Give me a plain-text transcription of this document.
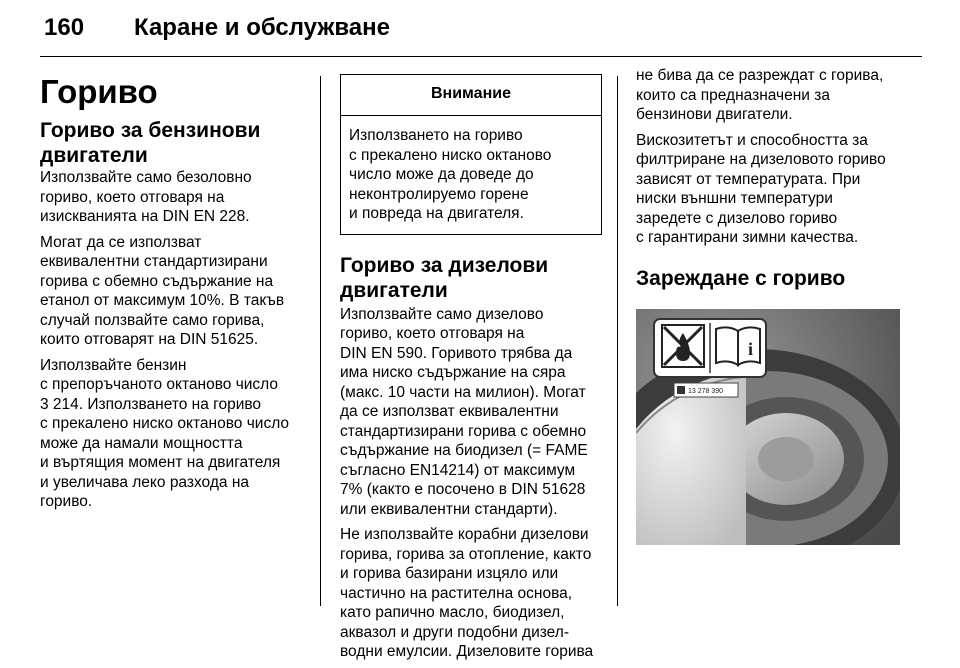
160 Каране и обслужване
Гориво
Гориво за бензинови
двигатели

Използвайте само безоловно
гориво, което отговаря на
изискванията на DIN EN 228.

Могат да се използват
еквивалентни стандартизирани
горива с обемно съдържание на
етанол от максимум 10%. В такъв
случай ползвайте само горива,
които отговарят на DIN 51625.

Използвайте бензин
с препоръчаното октаново число
3 214. Използването на гориво
с прекалено ниско октаново число
може да намали мощността
и въртящия момент на двигателя
и увеличава леко разхода на
гориво.

Внимание

Използването на гориво
с прекалено ниско октаново
число може да доведе до
неконтролируемо горене
и повреда на двигателя.

Гориво за дизелови
двигатели

Използвайте само дизелово
гориво, което отговаря на
DIN EN 590. Горивото трябва да
има ниско съдържание на сяра
(макс. 10 части на милион). Могат
да се използват еквивалентни
стандартизирани горива с обемно
съдържание на биодизел (= FAME
съгласно EN14214) от максимум
7% (както е посочено в DIN 51628
или еквивалентни стандарти).

Не използвайте корабни дизелови
горива, горива за отопление, както
и горива базирани изцяло или
частично на растителна основа,
като рапично масло, биодизел,
аквазол и други подобни дизел-
водни емулсии. Дизеловите горива

не бива да се разреждат с горива,
които са предназначени за
бензинови двигатели.

Вискозитетът и способността за
филтриране на дизеловото гориво
зависят от температурата. При
ниски външни температури
заредете с дизелово гориво
с гарантирани зимни качества.

Зареждане с гориво
i
13 278 390
